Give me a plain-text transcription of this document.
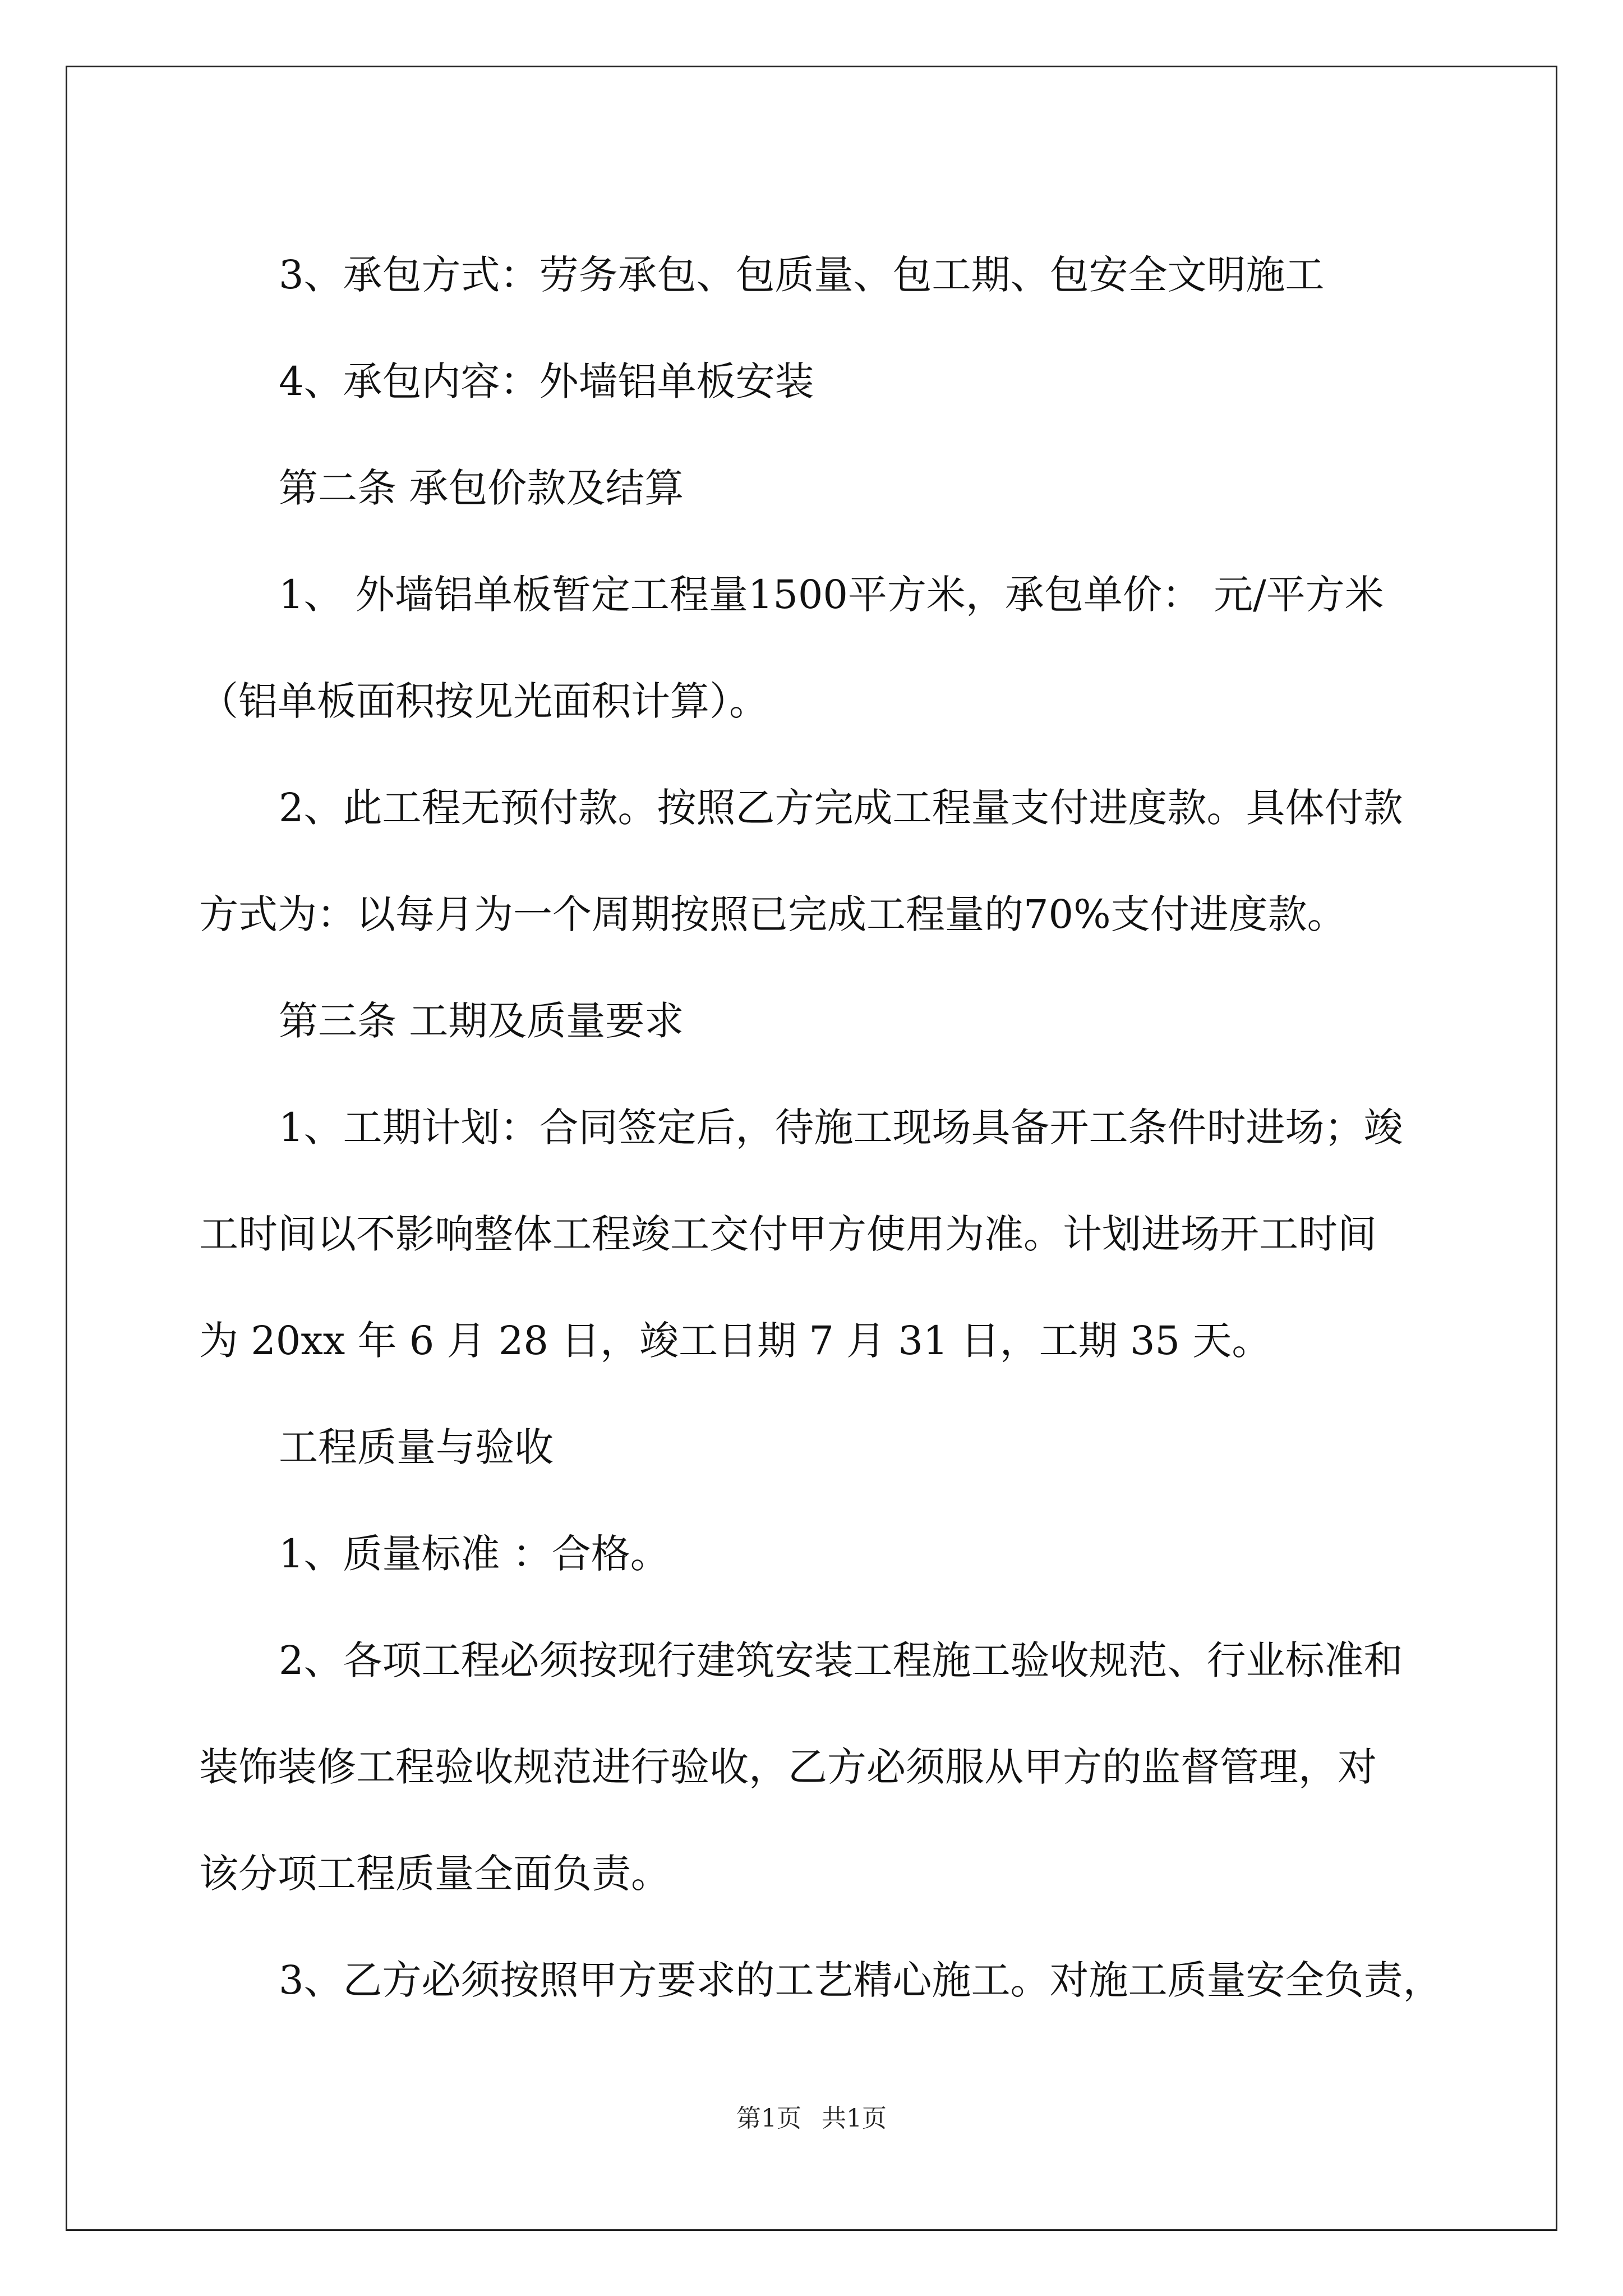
3、承包方式：劳务承包、包质量、包工期、包安全文明施工
4、承包内容：外墙铝单板安装
第二条 承包价款及结算
1、 外墙铝单板暂定工程量1500平方米，承包单价： 元/平方米
（铝单板面积按见光面积计算）。
2、此工程无预付款。按照乙方完成工程量支付进度款。具体付款
方式为：以每月为一个周期按照已完成工程量的70%支付进度款。
第三条 工期及质量要求
1、工期计划：合同签定后，待施工现场具备开工条件时进场；竣
工时间以不影响整体工程竣工交付甲方使用为准。计划进场开工时间
为 20xx 年 6 月 28 日，竣工日期 7 月 31 日，工期 35 天。
工程质量与验收
1、质量标准 ：合格。
2、各项工程必须按现行建筑安装工程施工验收规范、行业标准和
装饰装修工程验收规范进行验收，乙方必须服从甲方的监督管理，对
该分项工程质量全面负责。
3、乙方必须按照甲方要求的工艺精心施工。对施工质量安全负责，
第1页 共1页
